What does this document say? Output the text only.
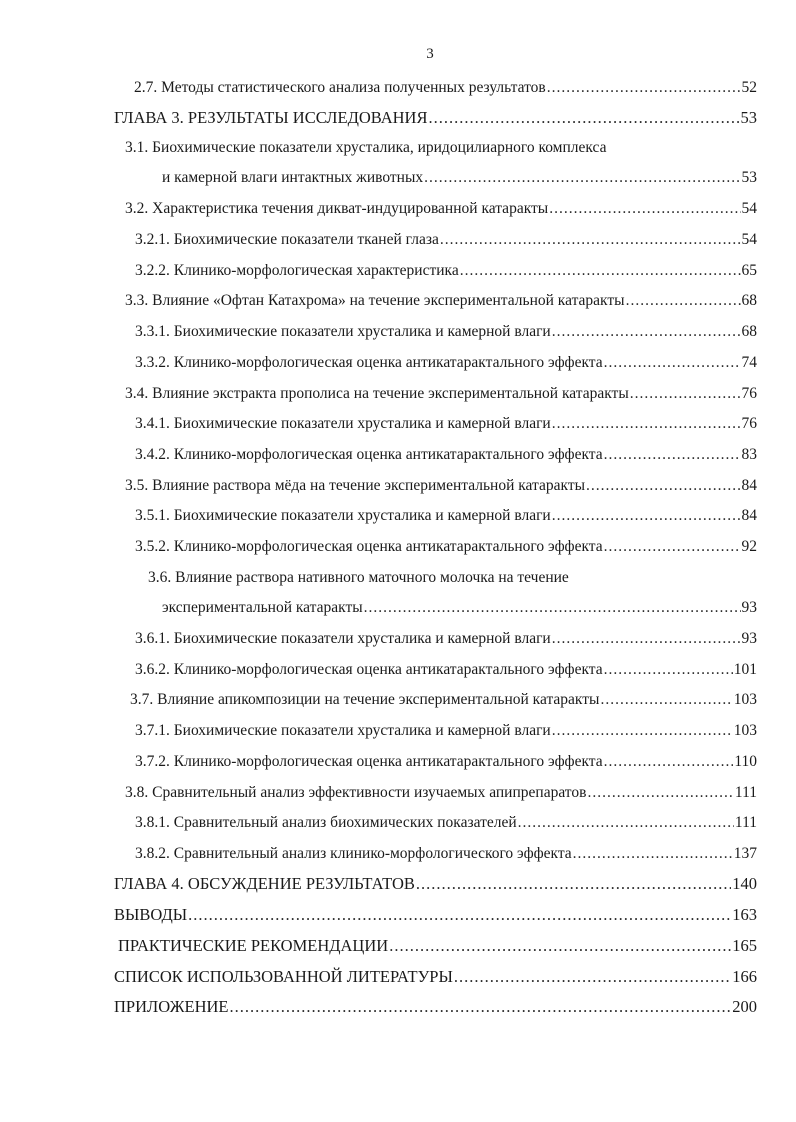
3
2.7. Методы статистического анализа полученных результатов .....	52
ГЛАВА 3. РЕЗУЛЬТАТЫ ИССЛЕДОВАНИЯ .....	53
3.1. Биохимические показатели хрусталика, иридоцилиарного комплекса
и камерной влаги интактных животных .....	53
3.2. Характеристика течения дикват-индуцированной катаракты .....	54
3.2.1. Биохимические показатели тканей глаза .....	54
3.2.2. Клинико-морфологическая характеристика .....	65
3.3. Влияние «Офтан Катахрома» на течение экспериментальной катаракты .....	68
3.3.1. Биохимические показатели хрусталика и камерной влаги .....	68
3.3.2. Клинико-морфологическая оценка антикатарактального эффекта .....	74
3.4. Влияние экстракта прополиса на течение экспериментальной катаракты .....	76
3.4.1. Биохимические показатели хрусталика и камерной влаги .....	76
3.4.2. Клинико-морфологическая оценка антикатарактального эффекта .....	83
3.5. Влияние раствора мёда на течение экспериментальной катаракты .....	84
3.5.1. Биохимические показатели хрусталика и камерной влаги .....	84
3.5.2. Клинико-морфологическая оценка антикатарактального эффекта .....	92
3.6. Влияние раствора нативного маточного молочка на течение
экспериментальной катаракты .....	93
3.6.1. Биохимические показатели хрусталика и камерной влаги .....	93
3.6.2. Клинико-морфологическая оценка антикатарактального эффекта .....	101
3.7. Влияние апикомпозиции на течение экспериментальной катаракты .....	103
3.7.1. Биохимические показатели хрусталика и камерной влаги .....	103
3.7.2. Клинико-морфологическая оценка антикатарактального эффекта .....	110
3.8. Сравнительный анализ эффективности изучаемых апипрепаратов .....	111
3.8.1. Сравнительный анализ биохимических показателей .....	111
3.8.2. Сравнительный анализ клинико-морфологического эффекта .....	137
ГЛАВА 4. ОБСУЖДЕНИЕ РЕЗУЛЬТАТОВ .....	140
ВЫВОДЫ .....	163
ПРАКТИЧЕСКИЕ РЕКОМЕНДАЦИИ .....	165
СПИСОК ИСПОЛЬЗОВАННОЙ ЛИТЕРАТУРЫ .....	166
ПРИЛОЖЕНИЕ .....	200
